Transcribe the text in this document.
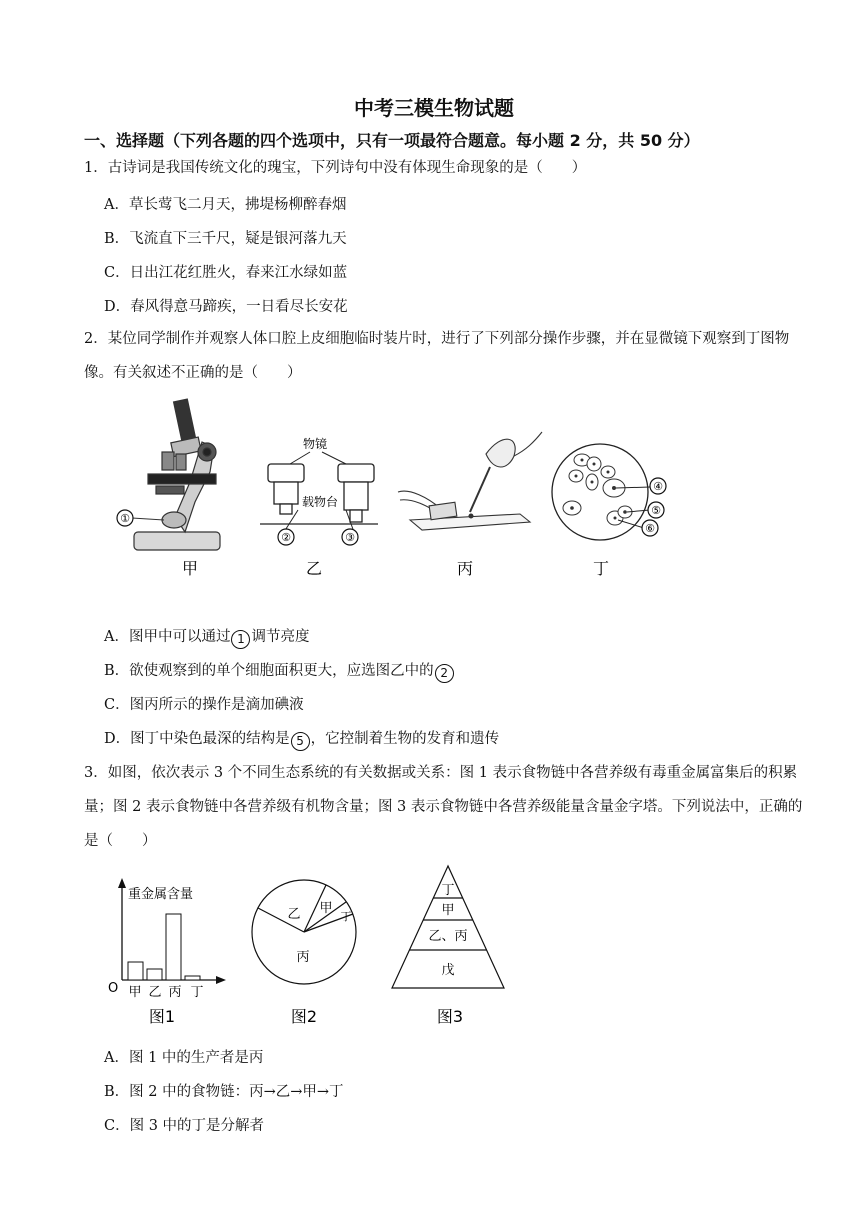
中考三模生物试题
一、选择题（下列各题的四个选项中，只有一项最符合题意。每小题 2 分，共 50 分）
1．古诗词是我国传统文化的瑰宝，下列诗句中没有体现生命现象的是（　　）
A．草长莺飞二月天，拂堤杨柳醉春烟
B．飞流直下三千尺，疑是银河落九天
C．日出江花红胜火，春来江水绿如蓝
D．春风得意马蹄疾，一日看尽长安花
2．某位同学制作并观察人体口腔上皮细胞临时装片时，进行了下列部分操作步骤，并在显微镜下观察到丁图物像。有关叙述不正确的是（　　）
①
甲
物镜
载物台
②	③
乙	丙
④
⑤
⑥
丁
A．图甲中可以通过 1 调节亮度
B．欲使观察到的单个细胞面积更大，应选图乙中的 2
C．图丙所示的操作是滴加碘液
D．图丁中染色最深的结构是 5 ，它控制着生物的发育和遗传
3．如图，依次表示 3 个不同生态系统的有关数据或关系：图 1 表示食物链中各营养级有毒重金属富集后的积累量；图 2 表示食物链中各营养级有机物含量；图 3 表示食物链中各营养级能量含量金字塔。下列说法中，正确的是（　　）
重金属含量
O 甲 乙 丙 丁
图1
乙 甲
丁
丙
图2
丁
甲
乙、丙
戊
图3
A．图 1 中的生产者是丙
B．图 2 中的食物链：丙→乙→甲→丁
C．图 3 中的丁是分解者
